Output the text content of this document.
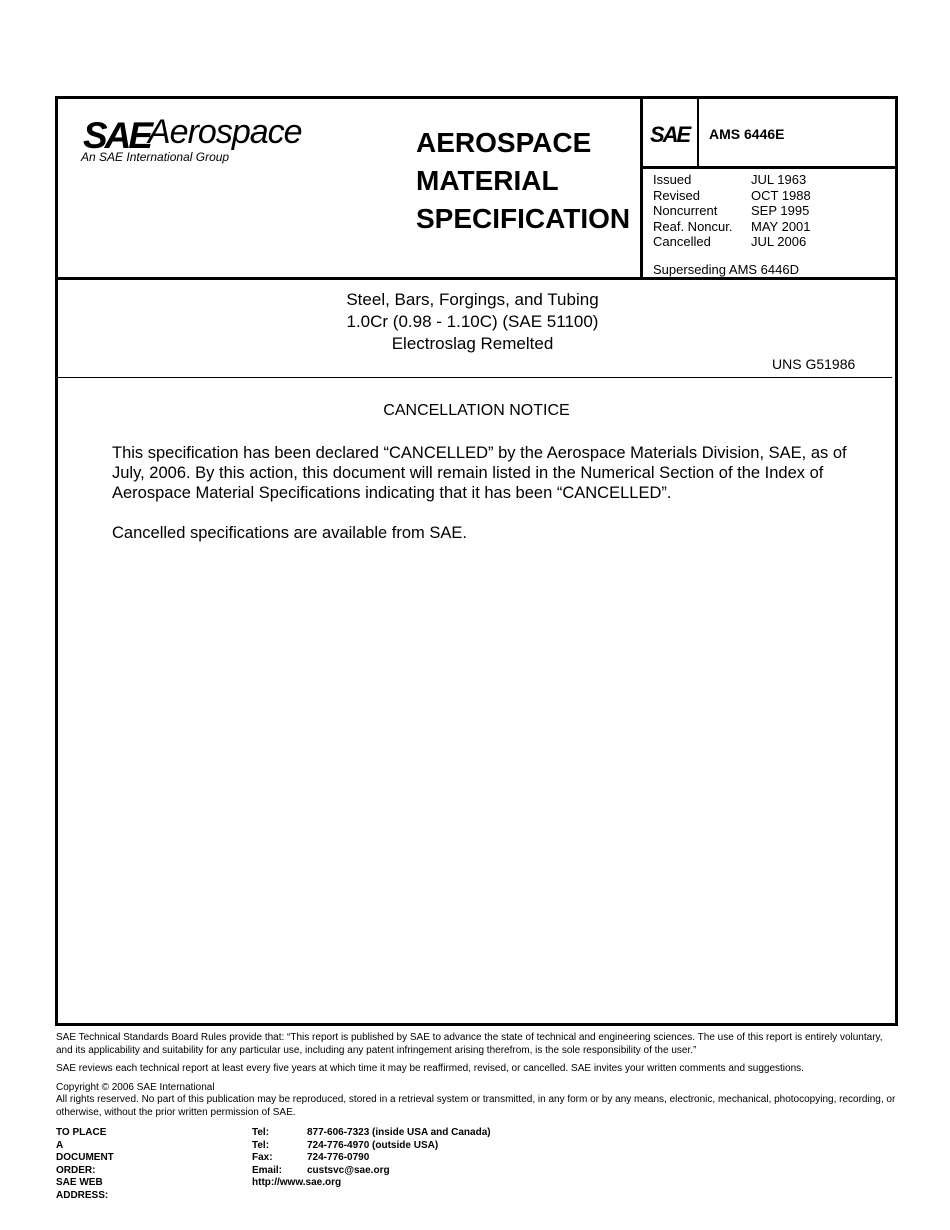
SAE
Aerospace
An SAE International Group	AEROSPACE
MATERIAL
SPECIFICATION
SAE AMS 6446E
Issued	JUL 1963
Revised	OCT 1988
Noncurrent	SEP 1995
Reaf. Noncur. MAY 2001
Cancelled	JUL 2006
Superseding AMS 6446D
Steel, Bars, Forgings, and Tubing
1.0Cr (0.98 - 1.10C) (SAE 51100)
Electroslag Remelted
UNS G51986
CANCELLATION NOTICE

This specification has been declared “CANCELLED” by the Aerospace Materials Division, SAE, as of July, 2006. By this action, this document will remain listed in the Numerical Section of the Index of Aerospace Material Specifications indicating that it has been “CANCELLED”.

Cancelled specifications are available from SAE.

SAE Technical Standards Board Rules provide that: “This report is published by SAE to advance the state of technical and engineering sciences. The use of this report is entirely voluntary, and its applicability and suitability for any particular use, including any patent infringement arising therefrom, is the sole responsibility of the user.”

SAE reviews each technical report at least every five years at which time it may be reaffirmed, revised, or cancelled. SAE invites your written comments and suggestions.

Copyright © 2006 SAE International
All rights reserved. No part of this publication may be reproduced, stored in a retrieval system or transmitted, in any form or by any means, electronic, mechanical, photocopying, recording, or otherwise, without the prior written permission of SAE.

TO PLACE A DOCUMENT ORDER:
Tel:	877-606-7323 (inside USA and Canada)
Tel:	724-776-4970 (outside USA)
Fax:	724-776-0790
Email: custsvc@sae.org
SAE WEB ADDRESS:
http://www.sae.org
